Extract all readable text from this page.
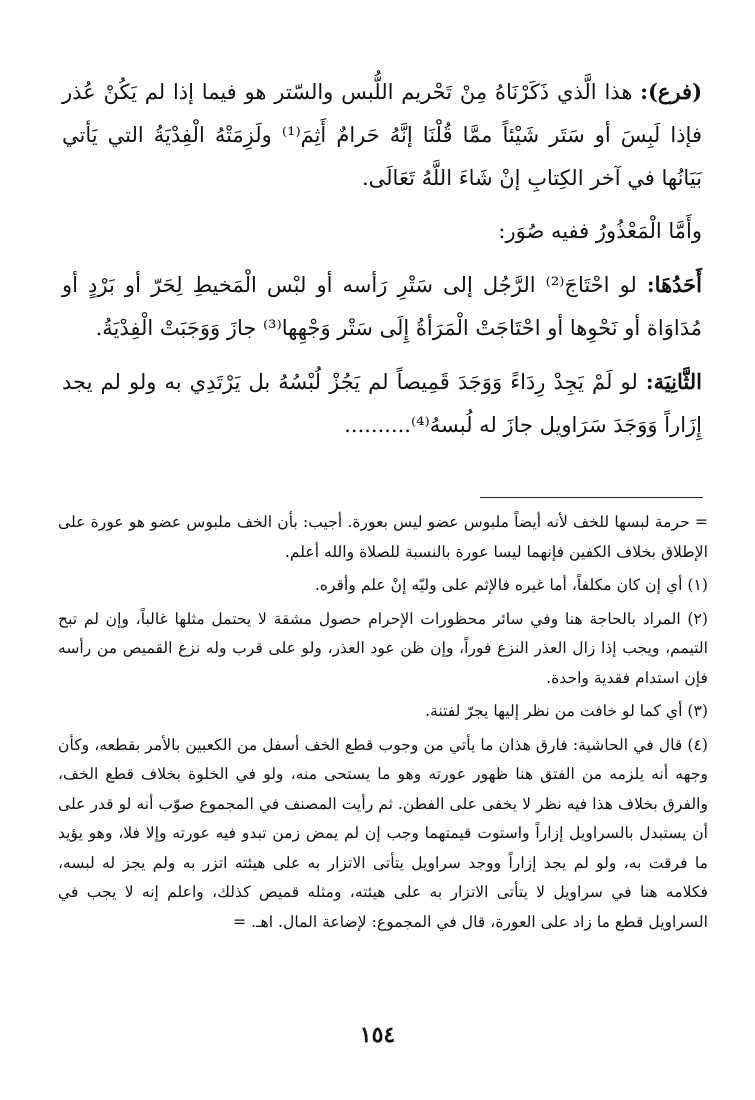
(فرع): هذا الَّذي ذَكَرْنَاهُ مِنْ تَحْريم اللُّبس والسّتر هو فيما إذا لم يَكُنْ عُذر فإذا لَبِسَ أو سَتَر شَيْئاً ممَّا قُلْنَا إنَّهُ حَرامٌ أَثِمَ⁽¹⁾ ولَزِمَتْهُ الْفِدْيَةُ التي يَأتي بَيَانُها في آخر الكِتابِ إنْ شَاءَ اللَّهُ تَعَالَى.

وأَمَّا الْمَعْذُورُ ففيه صُوَر:

أَحَدُهَا: لو احْتَاجَ⁽²⁾ الرَّجُل إلى سَتْرِ رَأسه أو لبْس الْمَخيطِ لِحَرّ أو بَرْدٍ أو مُدَاوَاة أو نَحْوِها أو احْتَاجَتْ الْمَرَأةُ إِلَى سَتْر وَجْهِها⁽³⁾ جازَ وَوَجَبَتْ الْفِدْيَةُ.

الثَّانِيَة: لو لَمْ يَجِدْ رِدَاءً وَوَجَدَ قَمِيصاً لم يَجُزْ لُبْسُهُ بل يَرْتَدِي به ولو لم يجد إِزَاراً وَوَجَدَ سَرَاويل جازَ له لُبسهُ⁽⁴⁾..........

= حرمة لبسها للخف لأنه أيضاً ملبوس عضو ليس بعورة. أجيب: بأن الخف ملبوس عضو هو عورة على الإطلاق بخلاف الكفين فإنهما ليسا عورة بالنسبة للصلاة والله أعلم.

(١) أي إن كان مكلفاً، أما غيره فالإثم على وليّه إنْ علم وأقره.

(٢) المراد بالحاجة هنا وفي سائر محظورات الإحرام حصول مشقة لا يحتمل مثلها غالباً، وإن لم تبح التيمم، ويجب إذا زال العذر النزع فوراً، وإن ظن عود العذر، ولو على قرب وله نزع القميص من رأسه فإن استدام فقدية واحدة.

(٣) أي كما لو خافت من نظر إليها يجرّ لفتنة.

(٤) قال في الحاشية: فارق هذان ما يأتي من وجوب قطع الخف أسفل من الكعبين بالأمر بقطعه، وكأن وجهه أنه يلزمه من الفتق هنا ظهور عورته وهو ما يستحى منه، ولو في الخلوة بخلاف قطع الخف، والفرق بخلاف هذا فيه نظر لا يخفى على الفطن. ثم رأيت المصنف في المجموع صوّب أنه لو قدر على أن يستبدل بالسراويل إزاراً واستوت قيمتهما وجب إن لم يمض زمن تبدو فيه عورته وإلا فلا، وهو يؤيد ما فرقت به، ولو لم يجد إزاراً ووجد سراويل يتأتى الاتزار به على هيئته اتزر به ولم يجز له لبسه، فكلامه هنا في سراويل لا يتأتى الاتزار به على هيئته، ومثله قميص كذلك، واعلم إنه لا يجب في السراويل قطع ما زاد على العورة، قال في المجموع: لإضاعة المال. اهـ. =

١٥٤
